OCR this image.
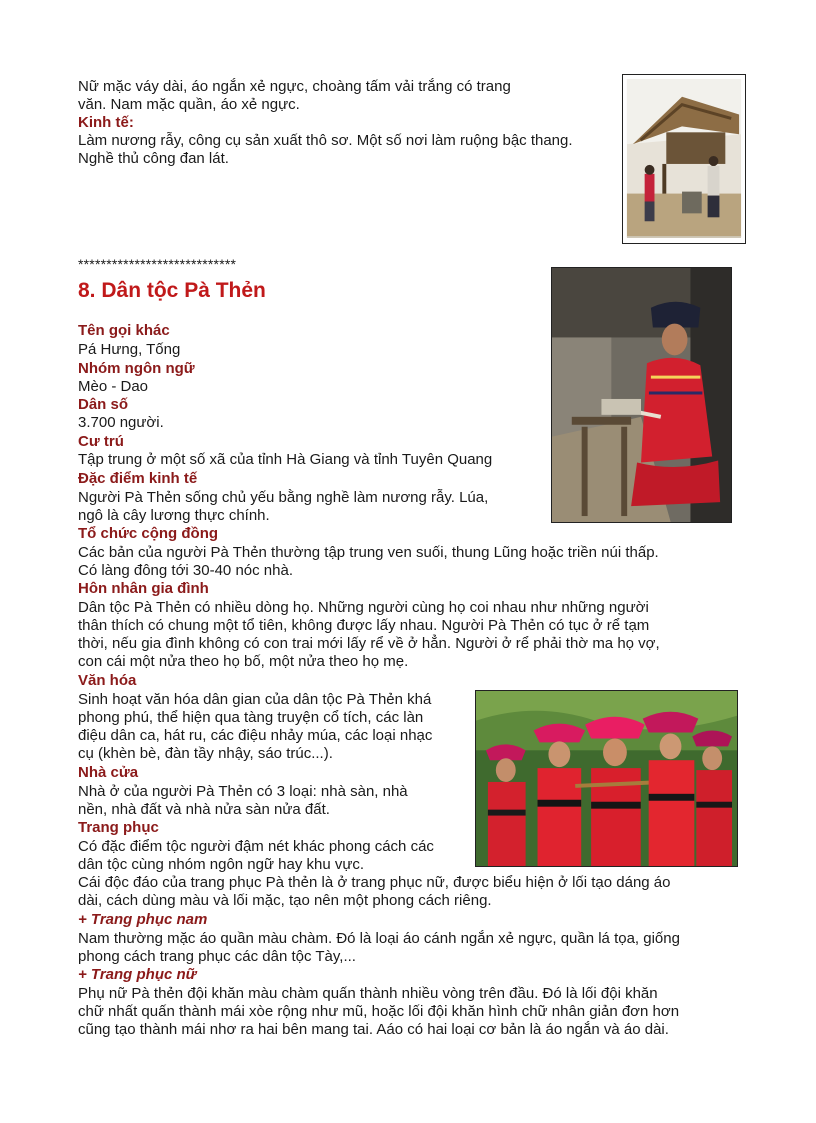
Nữ mặc váy dài, áo ngắn xẻ ngực, choàng tấm vải trắng có trang

văn. Nam mặc quần, áo xẻ ngực.

Kinh tế:

Làm nương rẫy, công cụ sản xuất thô sơ. Một số nơi làm ruộng bậc thang.

Nghề thủ công đan lát.

****************************
8. Dân tộc Pà Thẻn
Tên gọi khác

Pá Hưng, Tống

Nhóm ngôn ngữ

Mèo - Dao

Dân số

3.700 người.

Cư trú

Tập trung ở một số xã của tỉnh Hà Giang và tỉnh Tuyên Quang

Đặc điểm kinh tế

Người Pà Thẻn sống chủ yếu bằng nghề làm nương rẫy. Lúa,

ngô là cây lương thực chính.

Tổ chức cộng đồng

Các bản của người Pà Thẻn thường tập trung ven suối, thung Lũng hoặc triền núi thấp.

Có làng đông tới 30-40 nóc nhà.

Hôn nhân gia đình

Dân tộc Pà Thẻn có nhiều dòng họ. Những người cùng họ coi nhau như những người

thân thích có chung một tổ tiên, không được lấy nhau. Người Pà Thẻn có tục ở rể tạm

thời, nếu gia đình không có con trai mới lấy rể về ở hẳn. Người ở rể phải thờ ma họ vợ,

con cái một nửa theo họ bố, một nửa theo họ mẹ.

Văn hóa

Sinh hoạt văn hóa dân gian của dân tộc Pà Thẻn khá

phong phú, thể hiện qua tàng truyện cổ tích, các làn

điệu dân ca, hát ru, các điệu nhảy múa, các loại nhạc

cụ (khèn bè, đàn tầy nhậy, sáo trúc...).

Nhà cửa

Nhà ở của người Pà Thẻn có 3 loại: nhà sàn, nhà

nền, nhà đất và nhà nửa sàn nửa đất.

Trang phục

Có đặc điểm tộc người đậm nét khác phong cách các

dân tộc cùng nhóm ngôn ngữ hay khu vực.

Cái độc đáo của trang phục Pà thẻn là ở trang phục nữ, được biểu hiện ở lối tạo dáng áo

dài, cách dùng màu và lối mặc, tạo nên một phong cách riêng.

+ Trang phục nam

Nam thường mặc áo quần màu chàm. Đó là loại áo cánh ngắn xẻ ngực, quần lá tọa, giống

phong cách trang phục các dân tộc Tày,...

+ Trang phục nữ

Phụ nữ Pà thẻn đội khăn màu chàm quấn thành nhiều vòng trên đầu. Đó là lối đội khăn

chữ nhất quấn thành mái xòe rộng như mũ, hoặc lối đội khăn hình chữ nhân giản đơn hơn

cũng tạo thành mái nhơ ra hai bên mang tai. Aáo có hai loại cơ bản là áo ngắn và áo dài.
